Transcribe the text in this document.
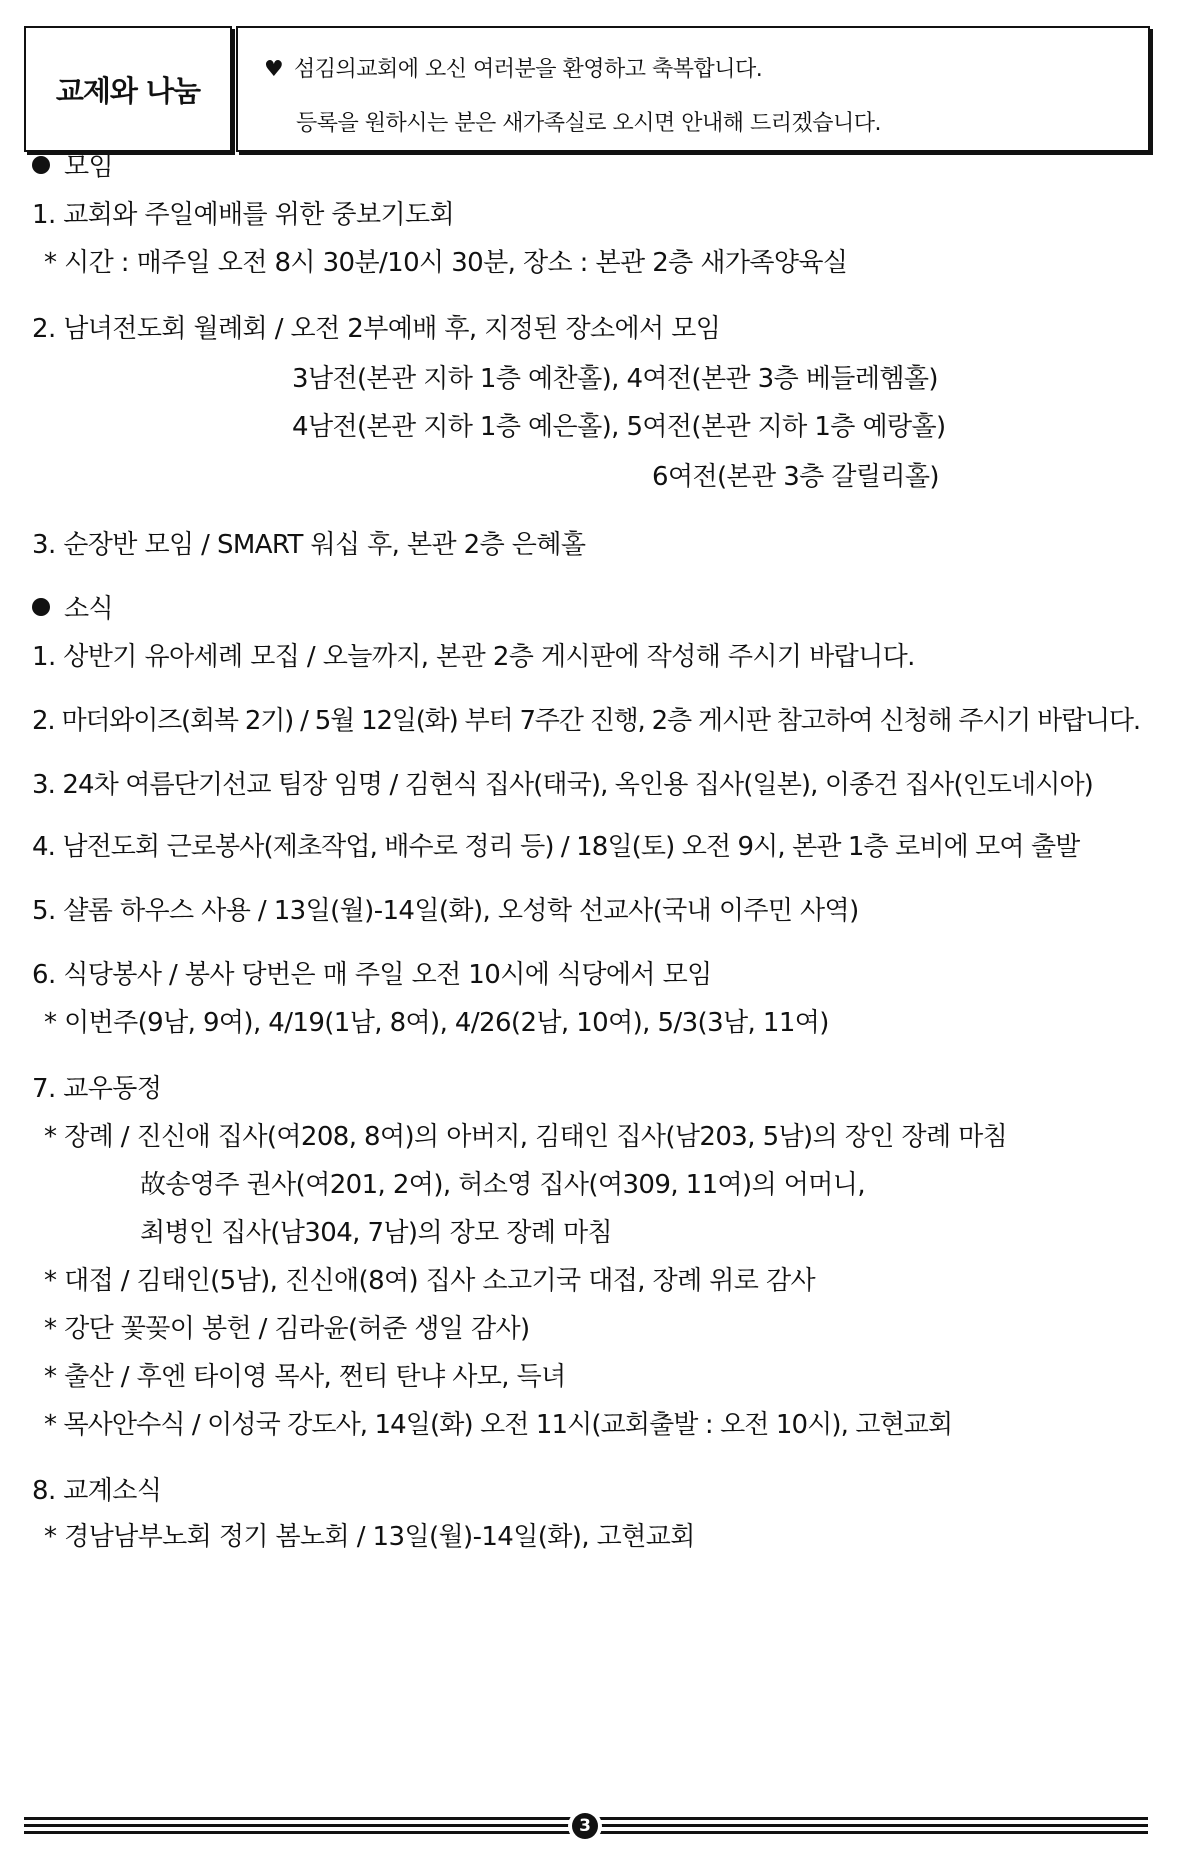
교제와 나눔
♥ 섬김의교회에 오신 여러분을 환영하고 축복합니다.
등록을 원하시는 분은 새가족실로 오시면 안내해 드리겠습니다.
모임
1. 교회와 주일예배를 위한 중보기도회
* 시간 : 매주일 오전 8시 30분/10시 30분, 장소 : 본관 2층 새가족양육실
2. 남녀전도회 월례회 / 오전 2부예배 후, 지정된 장소에서 모임
3남전(본관 지하 1층 예찬홀), 4여전(본관 3층 베들레헴홀)
4남전(본관 지하 1층 예은홀), 5여전(본관 지하 1층 예랑홀)
6여전(본관 3층 갈릴리홀)
3. 순장반 모임 / SMART 워십 후, 본관 2층 은혜홀
소식
1. 상반기 유아세례 모집 / 오늘까지, 본관 2층 게시판에 작성해 주시기 바랍니다.
2. 마더와이즈(회복 2기) / 5월 12일(화) 부터 7주간 진행, 2층 게시판 참고하여 신청해 주시기 바랍니다.
3. 24차 여름단기선교 팀장 임명 / 김현식 집사(태국), 옥인용 집사(일본), 이종건 집사(인도네시아)
4. 남전도회 근로봉사(제초작업, 배수로 정리 등) / 18일(토) 오전 9시, 본관 1층 로비에 모여 출발
5. 샬롬 하우스 사용 / 13일(월)-14일(화), 오성학 선교사(국내 이주민 사역)
6. 식당봉사 / 봉사 당번은 매 주일 오전 10시에 식당에서 모임
* 이번주(9남, 9여), 4/19(1남, 8여), 4/26(2남, 10여), 5/3(3남, 11여)
7. 교우동정
* 장례 / 진신애 집사(여208, 8여)의 아버지, 김태인 집사(남203, 5남)의 장인 장례 마침
故송영주 권사(여201, 2여), 허소영 집사(여309, 11여)의 어머니,
최병인 집사(남304, 7남)의 장모 장례 마침
* 대접 / 김태인(5남), 진신애(8여) 집사 소고기국 대접, 장례 위로 감사
* 강단 꽃꽂이 봉헌 / 김라윤(허준 생일 감사)
* 출산 / 후엔 타이영 목사, 쩐티 탄냐 사모, 득녀
* 목사안수식 / 이성국 강도사, 14일(화) 오전 11시(교회출발 : 오전 10시), 고현교회
8. 교계소식
* 경남남부노회 정기 봄노회 / 13일(월)-14일(화), 고현교회
3
